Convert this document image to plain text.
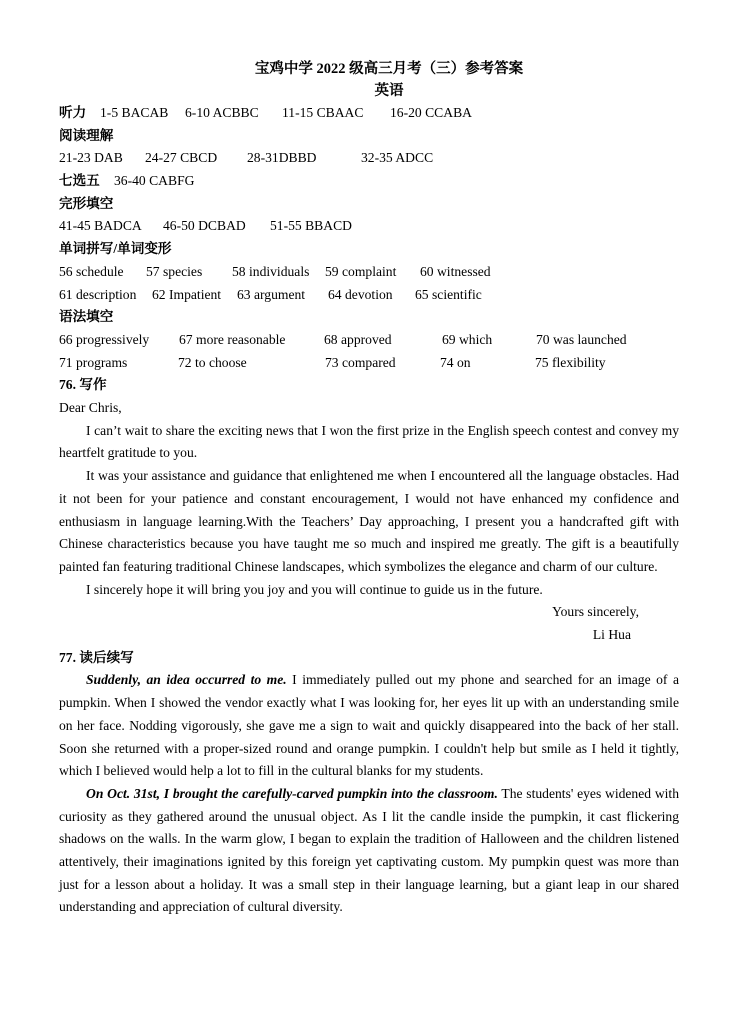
宝鸡中学 2022 级高三月考（三）参考答案
英语
听力 1-5 BACAB 6-10 ACBBC 11-15 CBAAC 16-20 CCABA
阅读理解
21-23 DAB 24-27 CBCD 28-31DBBD	32-35 ADCC
七选五 36-40 CABFG
完形填空
41-45 BADCA 46-50 DCBAD 51-55 BBACD
单词拼写/单词变形
56 schedule 57 species 58 individuals 59 complaint 60 witnessed
61 description 62 Impatient 63 argument 64 devotion 65 scientific
语法填空
66 progressively 67 more reasonable	68 approved	69 which	70 was launched
71 programs	72 to choose	73 compared	74 on	75 flexibility
76. 写作

Dear Chris,

I can’t wait to share the exciting news that I won the first prize in the English speech contest and convey my heartfelt gratitude to you.

It was your assistance and guidance that enlightened me when I encountered all the language obstacles. Had it not been for your patience and constant encouragement, I would not have enhanced my confidence and enthusiasm in language learning.With the Teachers’ Day approaching, I present you a handcrafted gift with Chinese characteristics because you have taught me so much and inspired me greatly. The gift is a beautifully painted fan featuring traditional Chinese landscapes, which symbolizes the elegance and charm of our culture.

I sincerely hope it will bring you joy and you will continue to guide us in the future.

Yours sincerely,

Li Hua

77. 读后续写

Suddenly, an idea occurred to me. I immediately pulled out my phone and searched for an image of a pumpkin. When I showed the vendor exactly what I was looking for, her eyes lit up with an understanding smile on her face. Nodding vigorously, she gave me a sign to wait and quickly disappeared into the back of her stall. Soon she returned with a proper-sized round and orange pumpkin. I couldn't help but smile as I held it tightly, which I believed would help a lot to fill in the cultural blanks for my students.

On Oct. 31st, I brought the carefully-carved pumpkin into the classroom. The students' eyes widened with curiosity as they gathered around the unusual object. As I lit the candle inside the pumpkin, it cast flickering shadows on the walls. In the warm glow, I began to explain the tradition of Halloween and the children listened attentively, their imaginations ignited by this foreign yet captivating custom. My pumpkin quest was more than just for a lesson about a holiday. It was a small step in their language learning, but a giant leap in our shared understanding and appreciation of cultural diversity.
